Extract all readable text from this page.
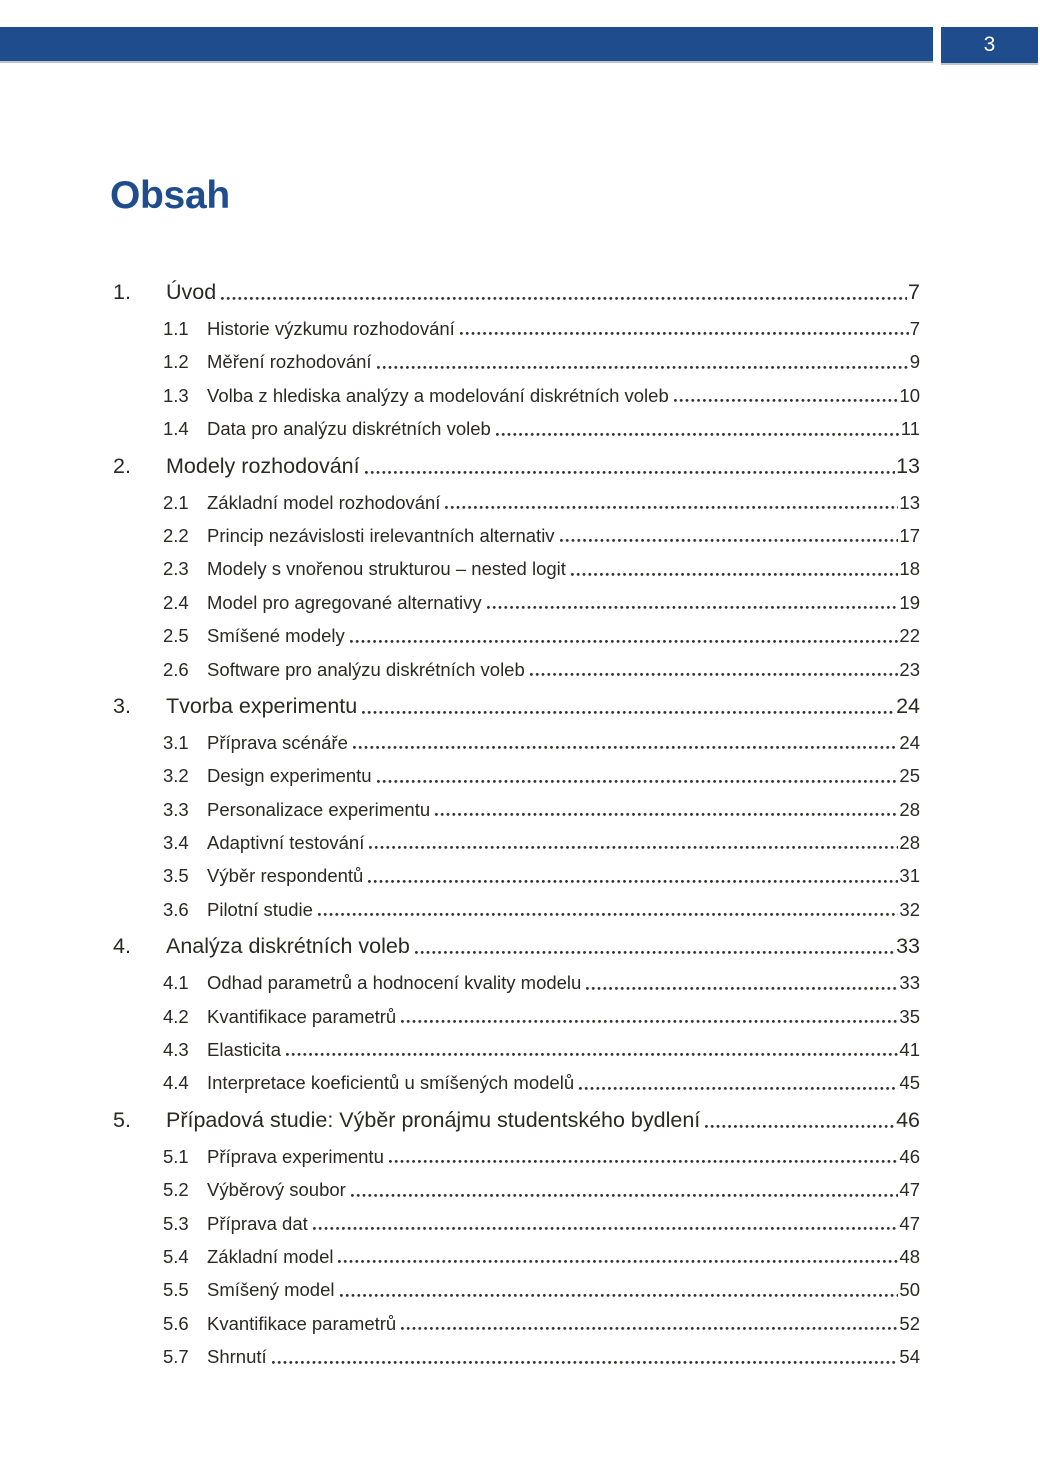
3
Obsah
1.	Úvod	7
1.1 Historie výzkumu rozhodování	7
1.2 Měření rozhodování	9
1.3 Volba z hlediska analýzy a modelování diskrétních voleb	10
1.4 Data pro analýzu diskrétních voleb	11
2.	Modely rozhodování	13
2.1 Základní model rozhodování	13
2.2 Princip nezávislosti irelevantních alternativ	17
2.3 Modely s vnořenou strukturou – nested logit	18
2.4 Model pro agregované alternativy	19
2.5 Smíšené modely	22
2.6 Software pro analýzu diskrétních voleb	23
3.	Tvorba experimentu	24
3.1 Příprava scénáře	24
3.2 Design experimentu	25
3.3 Personalizace experimentu	28
3.4 Adaptivní testování	28
3.5 Výběr respondentů	31
3.6 Pilotní studie	32
4.	Analýza diskrétních voleb	33
4.1 Odhad parametrů a hodnocení kvality modelu	33
4.2 Kvantifikace parametrů	35
4.3 Elasticita	41
4.4 Interpretace koeficientů u smíšených modelů	45
5.	Případová studie: Výběr pronájmu studentského bydlení	46
5.1 Příprava experimentu	46
5.2 Výběrový soubor	47
5.3 Příprava dat	47
5.4 Základní model	48
5.5 Smíšený model	50
5.6 Kvantifikace parametrů	52
5.7 Shrnutí	54
